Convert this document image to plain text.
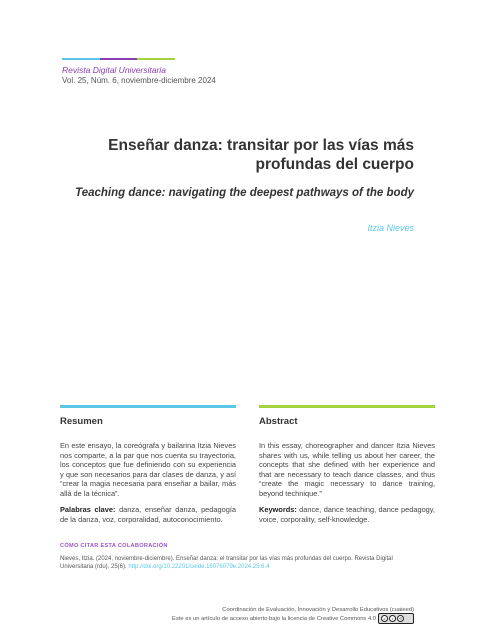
Revista Digital Universitaria
Vol. 25, Núm. 6, noviembre-diciembre 2024
Enseñar danza: transitar por las vías más profundas del cuerpo
Teaching dance: navigating the deepest pathways of the body
Itzia Nieves
Resumen

En este ensayo, la coreógrafa y bailarina Itzia Nieves nos comparte, a la par que nos cuenta su trayectoria, los conceptos que fue definiendo con su experiencia y que son necesarios para dar clases de danza, y así “crear la magia necesaria para enseñar a bailar, más allá de la técnica”.

Palabras clave: danza, enseñar danza, pedagogía de la danza, voz, corporalidad, autoconocimiento.

Abstract

In this essay, choreographer and dancer Itzia Nieves shares with us, while telling us about her career, the concepts that she defined with her experience and that are necessary to teach dance classes, and thus “create the magic necessary to dance training, beyond technique.”

Keywords: dance, dance teaching, dance pedagogy, voice, corporality, self-knowledge.

CÓMO CITAR ESTA COLABORACIÓN
Nieves, Itzia. (2024, noviembre-diciembre). Enseñar danza: el transitar por las vías más profundas del cuerpo. Revista Digital Universitaria (rdu), 25(6). http://doi.org/10.22201/ceide.16076079e.2024.25.6.4
Coordinación de Evaluación, Innovación y Desarrollo Educativos (cuaieed)
Este es un artículo de acceso abierto bajo la licencia de Creative Commons 4.0	c	i	⟲
